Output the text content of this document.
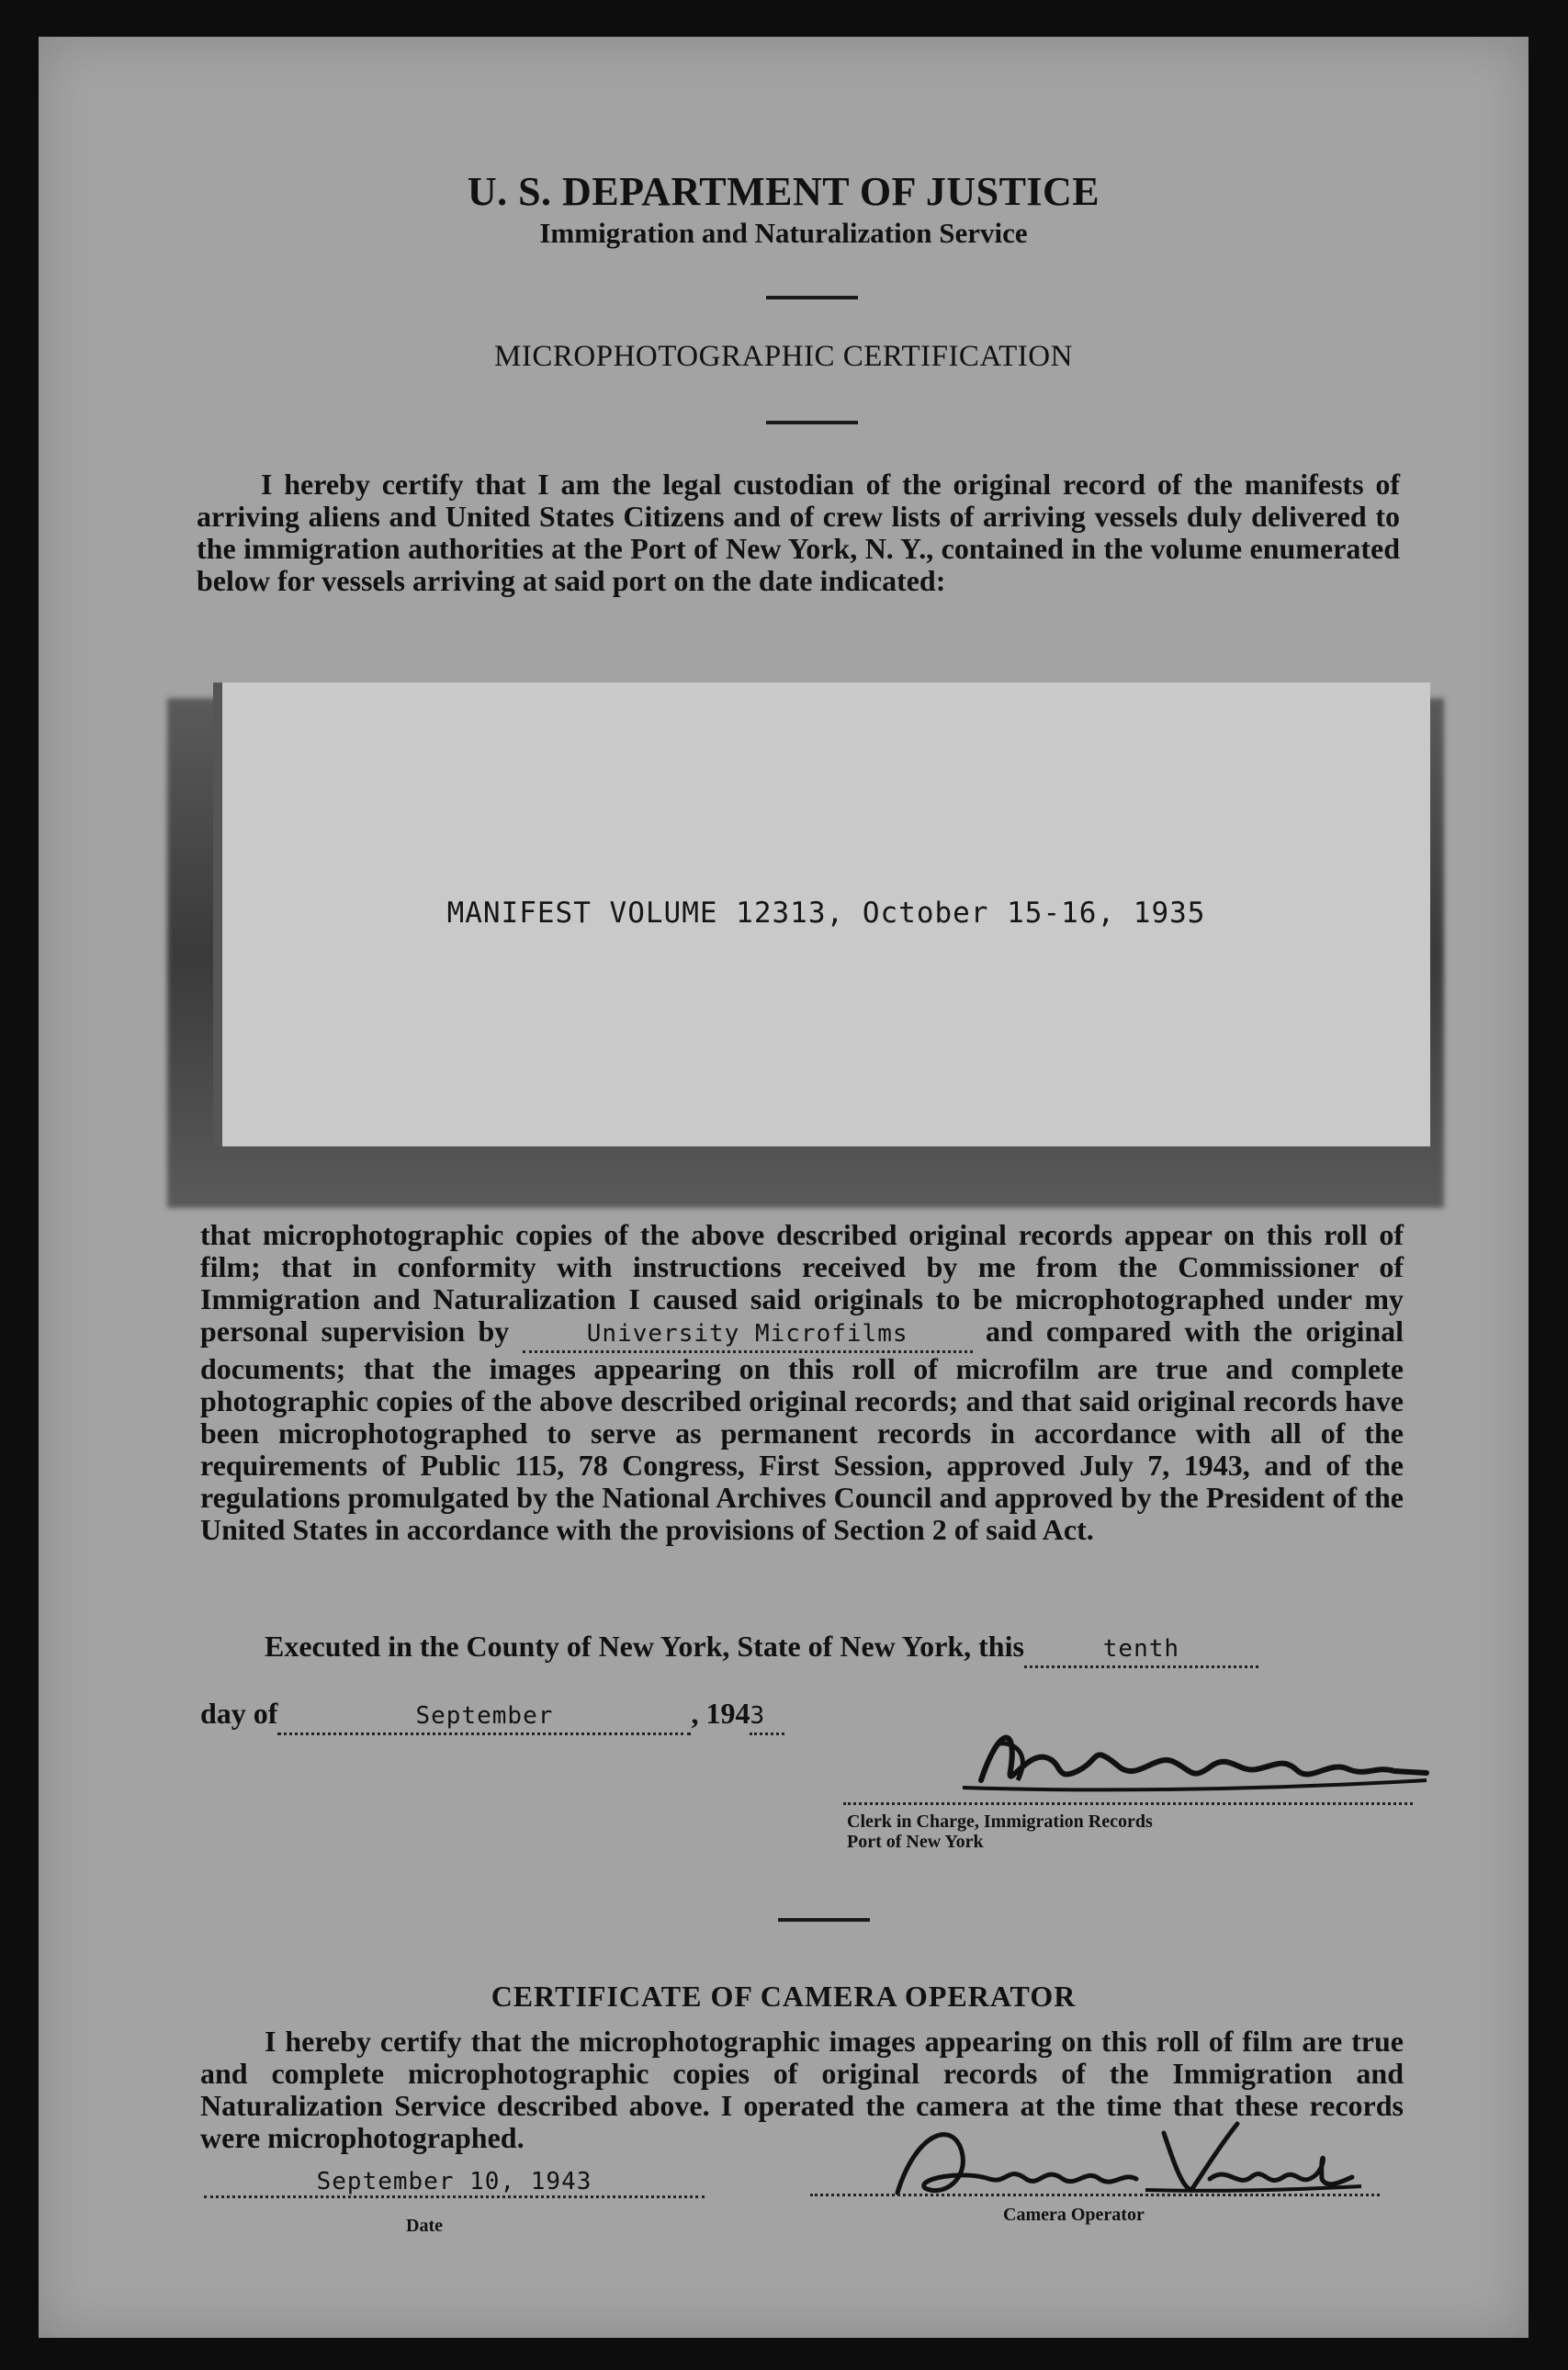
U. S. DEPARTMENT OF JUSTICE
Immigration and Naturalization Service
MICROPHOTOGRAPHIC CERTIFICATION

I hereby certify that I am the legal custodian of the original record of the manifests of arriving aliens and United States Citizens and of crew lists of arriving vessels duly delivered to the immigration authorities at the Port of New York, N. Y., contained in the volume enumerated below for vessels arriving at said port on the date indicated:

MANIFEST VOLUME 12313, October 15-16, 1935

that microphotographic copies of the above described original records appear on this roll of film; that in conformity with instructions received by me from the Commissioner of Immigration and Naturalization I caused said originals to be microphotographed under my personal supervision by	University Microfilms	and compared with the original documents; that the images appearing on this roll of microfilm are true and complete photographic copies of the above described original records; and that said original records have been microphotographed to serve as permanent records in accordance with all of the requirements of Public 115, 78 Congress, First Session, approved July 7, 1943, and of the regulations promulgated by the National Archives Council and approved by the President of the United States in accordance with the provisions of Section 2 of said Act.

Executed in the County of New York, State of New York, this	tenth
day of	September	, 1943
Clerk in Charge, Immigration Records
Port of New York
CERTIFICATE OF CAMERA OPERATOR

I hereby certify that the microphotographic images appearing on this roll of film are true and complete microphotographic copies of original records of the Immigration and Naturalization Service described above. I operated the camera at the time that these records were microphotographed.

September 10, 1943
Date
Camera Operator
